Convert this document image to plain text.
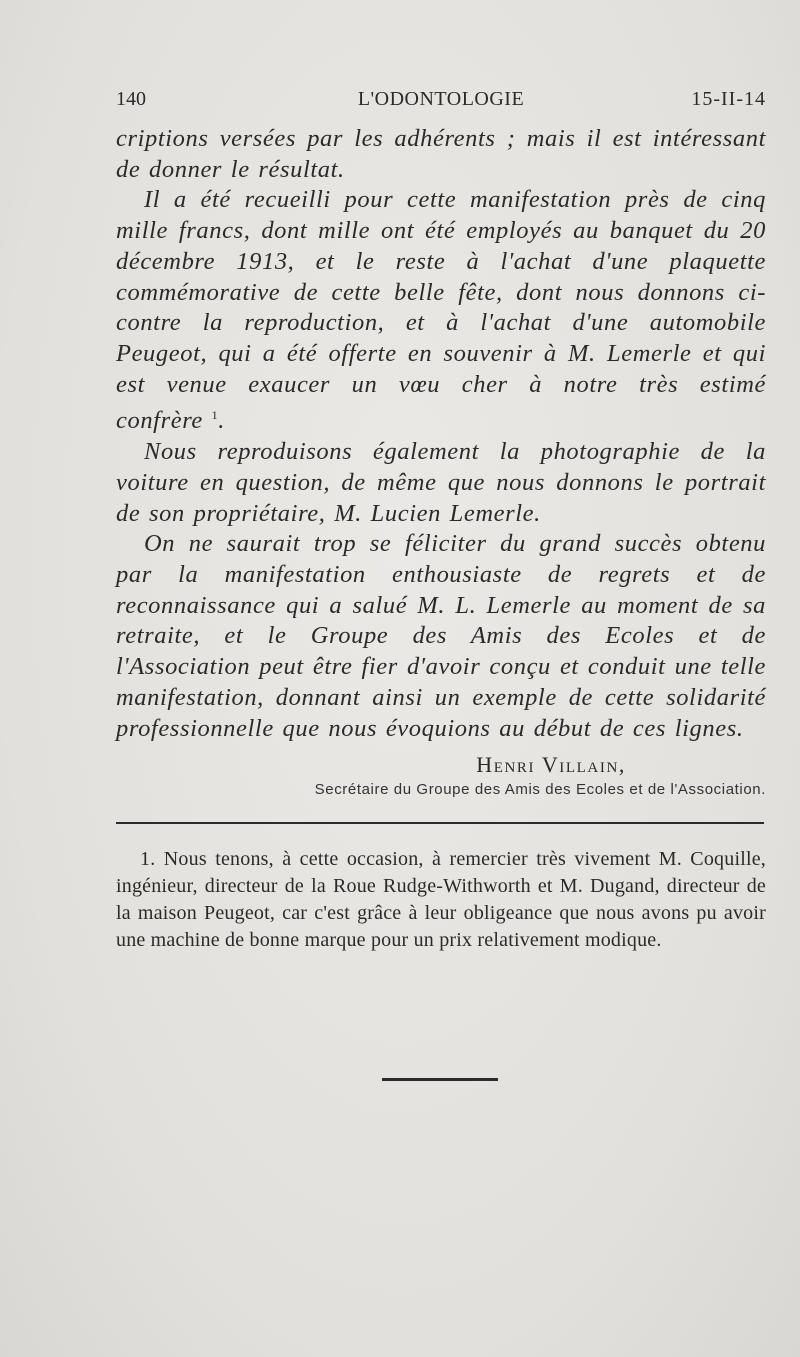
L'ODONTOLOGIE
140	15-II-14

criptions versées par les adhérents ; mais il est intéressant de donner le résultat.

Il a été recueilli pour cette manifestation près de cinq mille francs, dont mille ont été employés au banquet du 20 décembre 1913, et le reste à l'achat d'une plaquette commémorative de cette belle fête, dont nous donnons ci-contre la reproduction, et à l'achat d'une automobile Peugeot, qui a été offerte en souvenir à M. Lemerle et qui est venue exaucer un vœu cher à notre très estimé confrère $^1$.

Nous reproduisons également la photographie de la voiture en question, de même que nous donnons le portrait de son propriétaire, M. Lucien Lemerle.

On ne saurait trop se féliciter du grand succès obtenu par la manifestation enthousiaste de regrets et de reconnaissance qui a salué M. L. Lemerle au moment de sa retraite, et le Groupe des Amis des Ecoles et de l'Association peut être fier d'avoir conçu et conduit une telle manifestation, donnant ainsi un exemple de cette solidarité professionnelle que nous évoquions au début de ces lignes.

Henri Villain,
Secrétaire du Groupe des Amis des Ecoles et de l'Association.

1. Nous tenons, à cette occasion, à remercier très vivement M. Coquille, ingénieur, directeur de la Roue Rudge-Withworth et M. Dugand, directeur de la maison Peugeot, car c'est grâce à leur obligeance que nous avons pu avoir une machine de bonne marque pour un prix relativement modique.
